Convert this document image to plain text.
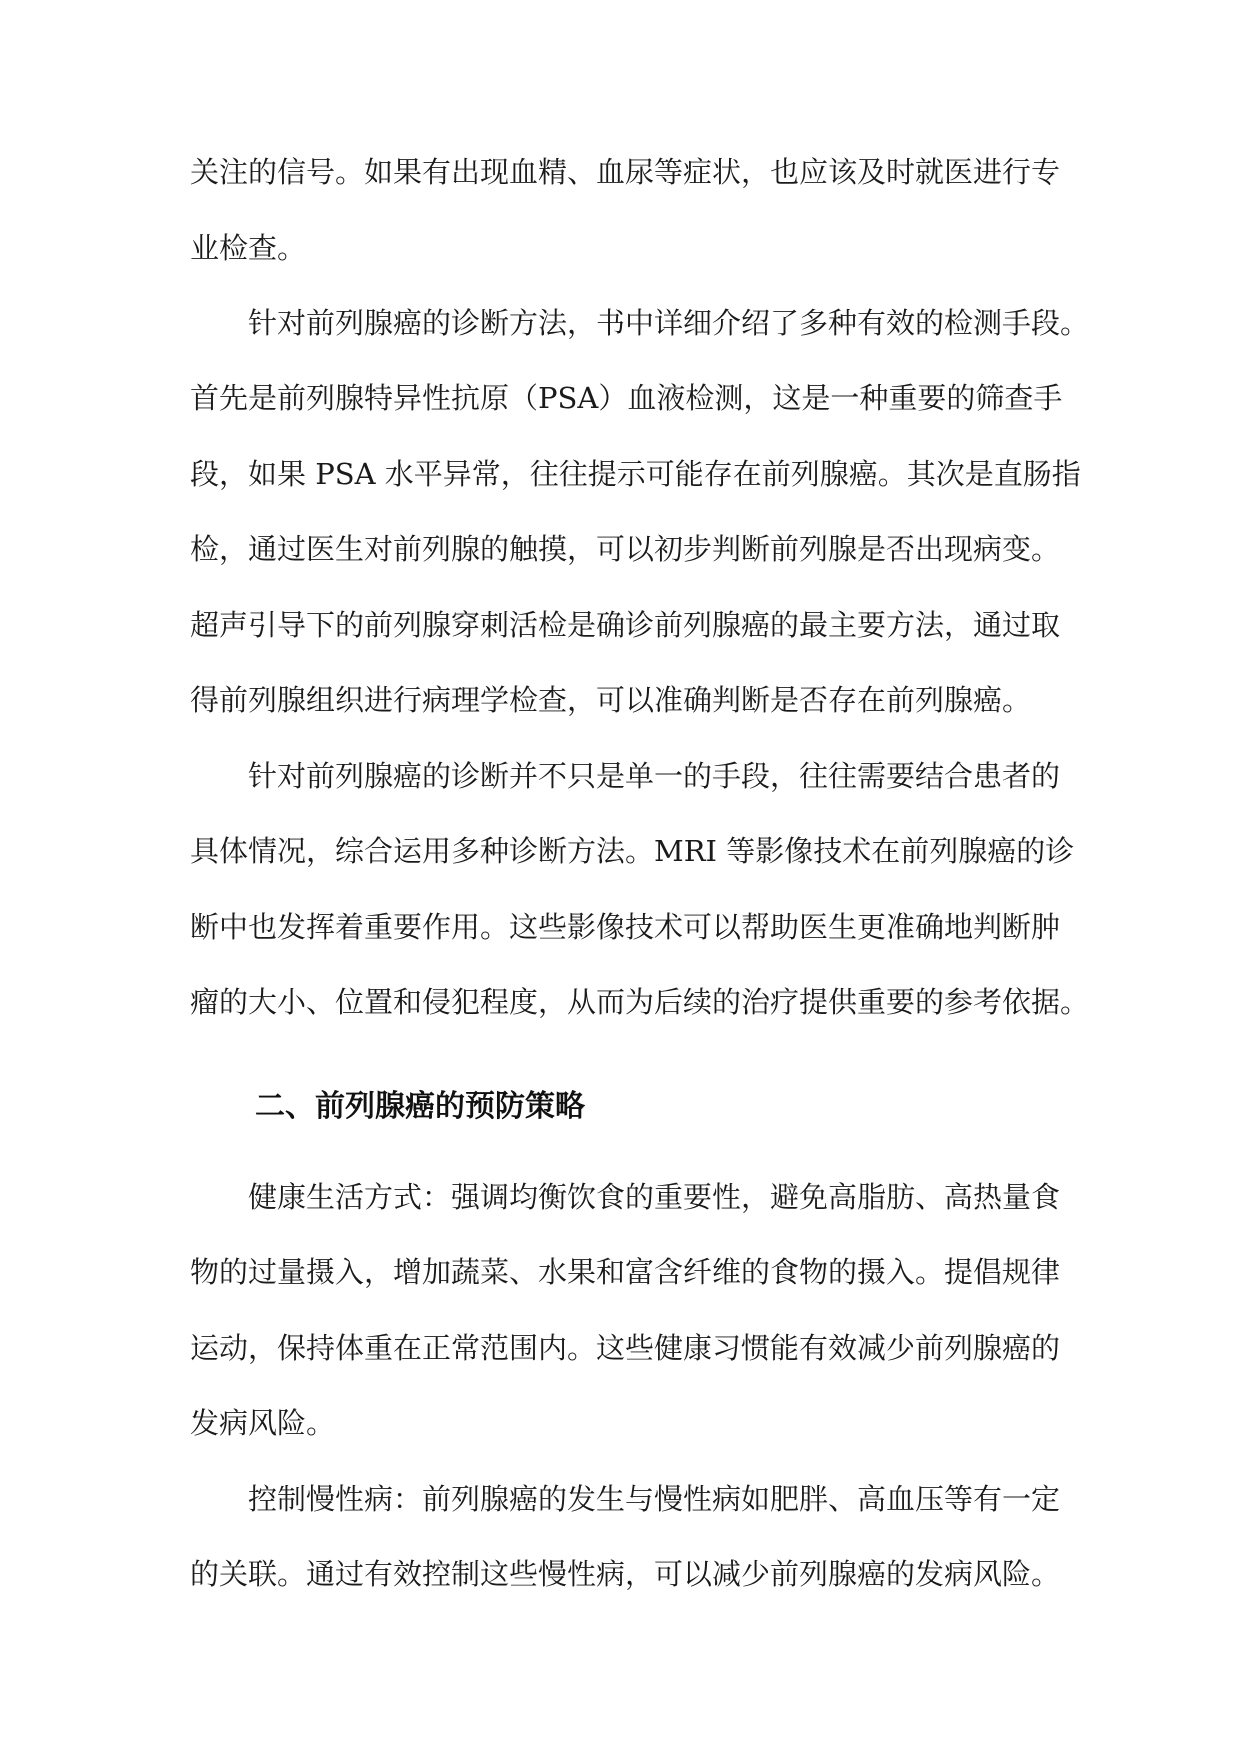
关注的信号。如果有出现血精、血尿等症状，也应该及时就医进行专
业检查。
针对前列腺癌的诊断方法，书中详细介绍了多种有效的检测手段。
首先是前列腺特异性抗原（PSA）血液检测，这是一种重要的筛查手
段，如果 PSA 水平异常，往往提示可能存在前列腺癌。其次是直肠指
检，通过医生对前列腺的触摸，可以初步判断前列腺是否出现病变。
超声引导下的前列腺穿刺活检是确诊前列腺癌的最主要方法，通过取
得前列腺组织进行病理学检查，可以准确判断是否存在前列腺癌。
针对前列腺癌的诊断并不只是单一的手段，往往需要结合患者的
具体情况，综合运用多种诊断方法。MRI 等影像技术在前列腺癌的诊
断中也发挥着重要作用。这些影像技术可以帮助医生更准确地判断肿
瘤的大小、位置和侵犯程度，从而为后续的治疗提供重要的参考依据。
二、前列腺癌的预防策略
健康生活方式：强调均衡饮食的重要性，避免高脂肪、高热量食
物的过量摄入，增加蔬菜、水果和富含纤维的食物的摄入。提倡规律
运动，保持体重在正常范围内。这些健康习惯能有效减少前列腺癌的
发病风险。
控制慢性病：前列腺癌的发生与慢性病如肥胖、高血压等有一定
的关联。通过有效控制这些慢性病，可以减少前列腺癌的发病风险。
